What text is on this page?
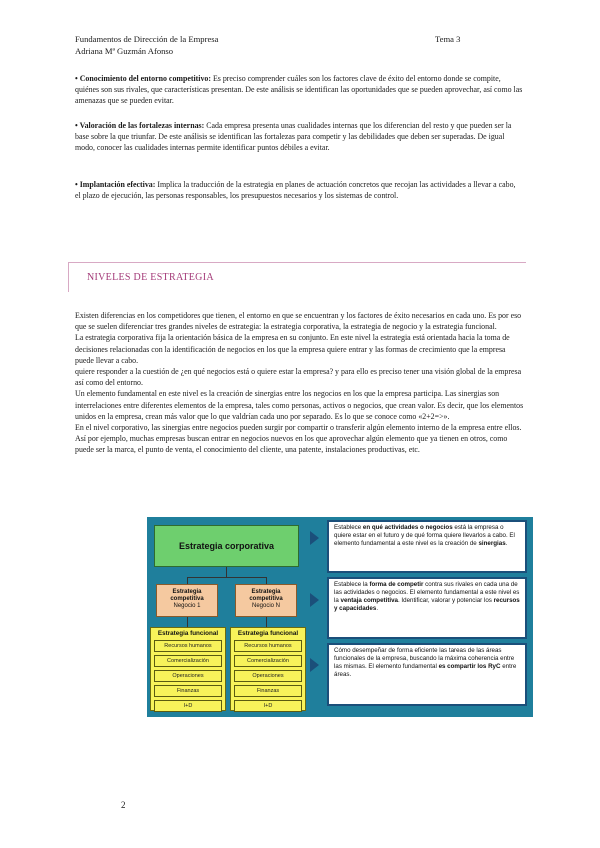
Fundamentos de Dirección de la Empresa
Adriana Mª Guzmán Afonso
Tema 3
• Conocimiento del entorno competitivo: Es preciso comprender cuáles son los factores clave de éxito del entorno donde se compite, quiénes son sus rivales, que características presentan. De este análisis se identifican las oportunidades que se pueden aprovechar, así como las amenazas que se pueden evitar.
• Valoración de las fortalezas internas: Cada empresa presenta unas cualidades internas que los diferencian del resto y que pueden ser la base sobre la que triunfar. De este análisis se identifican las fortalezas para competir y las debilidades que deben ser superadas. De igual modo, conocer las cualidades internas permite identificar puntos débiles a evitar.
• Implantación efectiva: Implica la traducción de la estrategia en planes de actuación concretos que recojan las actividades a llevar a cabo, el plazo de ejecución, las personas responsables, los presupuestos necesarios y los sistemas de control.
NIVELES DE ESTRATEGIA

Existen diferencias en los competidores que tienen, el entorno en que se encuentran y los factores de éxito necesarios en cada uno. Es por eso que se suelen diferenciar tres grandes niveles de estrategia: la estrategia corporativa, la estrategia de negocio y la estrategia funcional.

La estrategia corporativa fija la orientación básica de la empresa en su conjunto. En este nivel la estrategia está orientada hacia la toma de decisiones relacionadas con la identificación de negocios en los que la empresa quiere entrar y las formas de crecimiento que la empresa puede llevar a cabo.

quiere responder a la cuestión de ¿en qué negocios está o quiere estar la empresa? y para ello es preciso tener una visión global de la empresa así como del entorno.

Un elemento fundamental en este nivel es la creación de sinergias entre los negocios en los que la empresa participa. Las sinergias son interrelaciones entre diferentes elementos de la empresa, tales como personas, activos o negocios, que crean valor. Es decir, que los elementos unidos en la empresa, crean más valor que lo que valdrían cada uno por separado. Es lo que se conoce como «2+2=>».

En el nivel corporativo, las sinergias entre negocios pueden surgir por compartir o transferir algún elemento interno de la empresa entre ellos. Así por ejemplo, muchas empresas buscan entrar en negocios nuevos en los que aprovechar algún elemento que ya tienen en otros, como puede ser la marca, el punto de venta, el conocimiento del cliente, una patente, instalaciones productivas, etc.

Estrategia corporativa
Estrategia competitiva
Negocio 1
Estrategia competitiva
Negocio N
Estrategia funcional
Recursos humanos
Comercialización
Operaciones
Finanzas
I+D
Estrategia funcional
Recursos humanos
Comercialización
Operaciones
Finanzas
I+D
Establece en qué actividades o negocios está la empresa o quiere estar en el futuro y de qué forma quiere llevarlos a cabo. El elemento fundamental a este nivel es la creación de sinergias.
Establece la forma de competir contra sus rivales en cada una de las actividades o negocios. El elemento fundamental a este nivel es la ventaja competitiva. Identificar, valorar y potenciar los recursos y capacidades.
Cómo desempeñar de forma eficiente las tareas de las áreas funcionales de la empresa, buscando la máxima coherencia entre las mismas. El elemento fundamental es compartir los RyC entre áreas.
2
